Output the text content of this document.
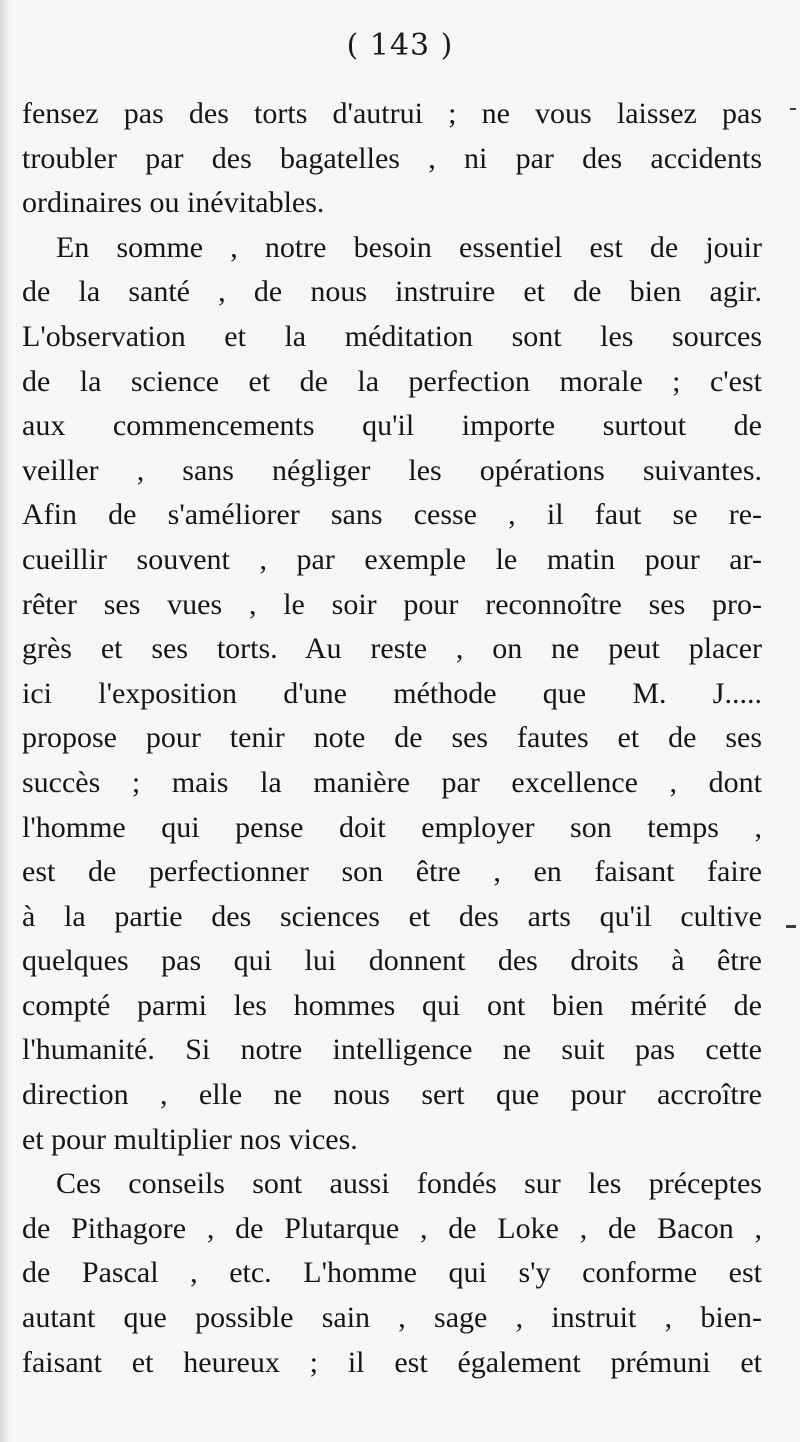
( 143 )
fensez pas des torts d'autrui ; ne vous laissez pas
troubler par des bagatelles , ni par des accidents
ordinaires ou inévitables.
En somme , notre besoin essentiel est de jouir
de la santé , de nous instruire et de bien agir.
L'observation et la méditation sont les sources
de la science et de la perfection morale ; c'est
aux commencements qu'il importe surtout de
veiller , sans négliger les opérations suivantes.
Afin de s'améliorer sans cesse , il faut se re-
cueillir souvent , par exemple le matin pour ar-
rêter ses vues , le soir pour reconnoître ses pro-
grès et ses torts. Au reste , on ne peut placer
ici l'exposition d'une méthode que M. J.....
propose pour tenir note de ses fautes et de ses
succès ; mais la manière par excellence , dont
l'homme qui pense doit employer son temps ,
est de perfectionner son être , en faisant faire
à la partie des sciences et des arts qu'il cultive
quelques pas qui lui donnent des droits à être
compté parmi les hommes qui ont bien mérité de
l'humanité. Si notre intelligence ne suit pas cette
direction , elle ne nous sert que pour accroître
et pour multiplier nos vices.
Ces conseils sont aussi fondés sur les préceptes
de Pithagore , de Plutarque , de Loke , de Bacon ,
de Pascal , etc. L'homme qui s'y conforme est
autant que possible sain , sage , instruit , bien-
faisant et heureux ; il est également prémuni et
